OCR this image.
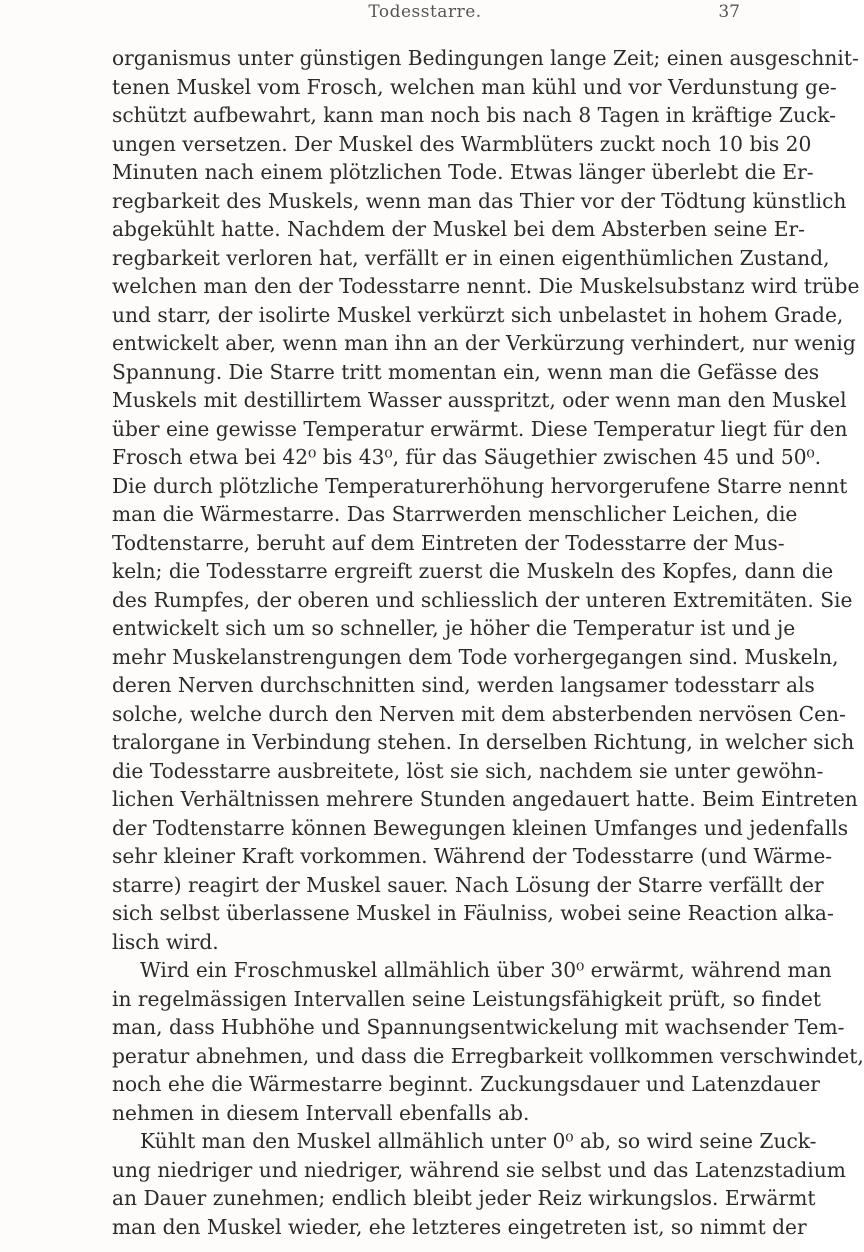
Todesstarre.	37
organismus unter günstigen Bedingungen lange Zeit; einen ausgeschnit-
tenen Muskel vom Frosch, welchen man kühl und vor Verdunstung ge-
schützt aufbewahrt, kann man noch bis nach 8 Tagen in kräftige Zuck-
ungen versetzen. Der Muskel des Warmblüters zuckt noch 10 bis 20
Minuten nach einem plötzlichen Tode. Etwas länger überlebt die Er-
regbarkeit des Muskels, wenn man das Thier vor der Tödtung künstlich
abgekühlt hatte. Nachdem der Muskel bei dem Absterben seine Er-
regbarkeit verloren hat, verfällt er in einen eigenthümlichen Zustand,
welchen man den der Todesstarre nennt. Die Muskelsubstanz wird trübe
und starr, der isolirte Muskel verkürzt sich unbelastet in hohem Grade,
entwickelt aber, wenn man ihn an der Verkürzung verhindert, nur wenig
Spannung. Die Starre tritt momentan ein, wenn man die Gefässe des
Muskels mit destillirtem Wasser ausspritzt, oder wenn man den Muskel
über eine gewisse Temperatur erwärmt. Diese Temperatur liegt für den
Frosch etwa bei 42⁰ bis 43⁰, für das Säugethier zwischen 45 und 50⁰.
Die durch plötzliche Temperaturerhöhung hervorgerufene Starre nennt
man die Wärmestarre. Das Starrwerden menschlicher Leichen, die
Todtenstarre, beruht auf dem Eintreten der Todesstarre der Mus-
keln; die Todesstarre ergreift zuerst die Muskeln des Kopfes, dann die
des Rumpfes, der oberen und schliesslich der unteren Extremitäten. Sie
entwickelt sich um so schneller, je höher die Temperatur ist und je
mehr Muskelanstrengungen dem Tode vorhergegangen sind. Muskeln,
deren Nerven durchschnitten sind, werden langsamer todesstarr als
solche, welche durch den Nerven mit dem absterbenden nervösen Cen-
tralorgane in Verbindung stehen. In derselben Richtung, in welcher sich
die Todesstarre ausbreitete, löst sie sich, nachdem sie unter gewöhn-
lichen Verhältnissen mehrere Stunden angedauert hatte. Beim Eintreten
der Todtenstarre können Bewegungen kleinen Umfanges und jedenfalls
sehr kleiner Kraft vorkommen. Während der Todesstarre (und Wärme-
starre) reagirt der Muskel sauer. Nach Lösung der Starre verfällt der
sich selbst überlassene Muskel in Fäulniss, wobei seine Reaction alka-
lisch wird.
Wird ein Froschmuskel allmählich über 30⁰ erwärmt, während man
in regelmässigen Intervallen seine Leistungsfähigkeit prüft, so findet
man, dass Hubhöhe und Spannungsentwickelung mit wachsender Tem-
peratur abnehmen, und dass die Erregbarkeit vollkommen verschwindet,
noch ehe die Wärmestarre beginnt. Zuckungsdauer und Latenzdauer
nehmen in diesem Intervall ebenfalls ab.
Kühlt man den Muskel allmählich unter 0⁰ ab, so wird seine Zuck-
ung niedriger und niedriger, während sie selbst und das Latenzstadium
an Dauer zunehmen; endlich bleibt jeder Reiz wirkungslos. Erwärmt
man den Muskel wieder, ehe letzteres eingetreten ist, so nimmt der
